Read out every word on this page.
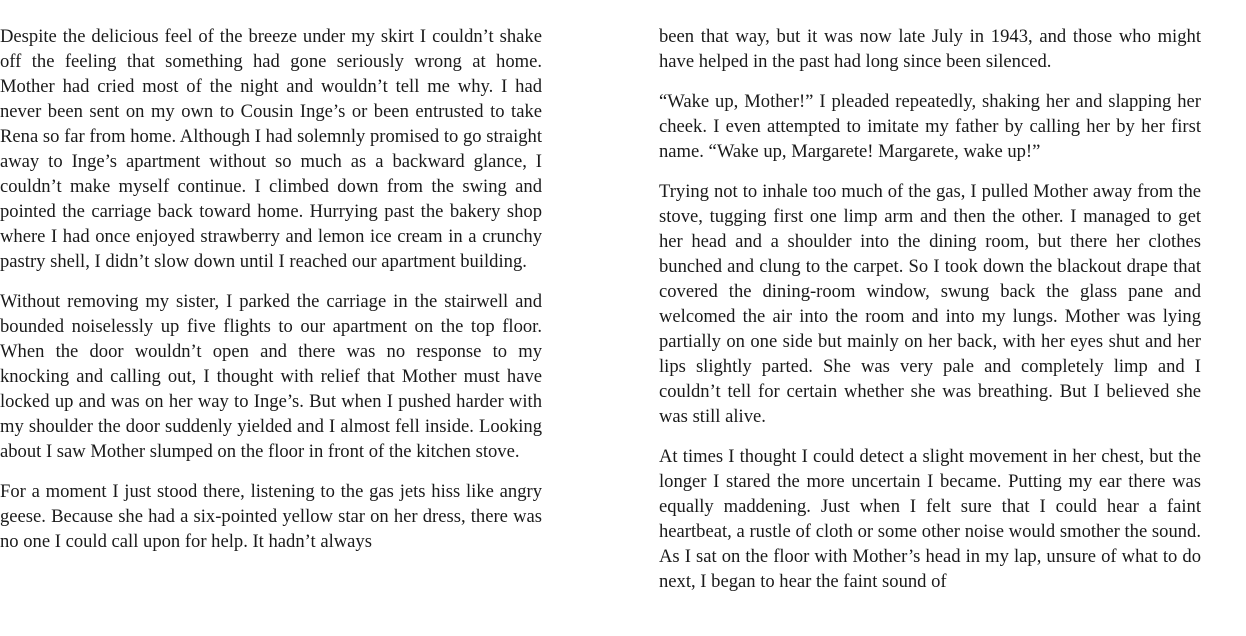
Despite the delicious feel of the breeze under my skirt I couldn’t shake off the feeling that something had gone seriously wrong at home. Mother had cried most of the night and wouldn’t tell me why. I had never been sent on my own to Cousin Inge’s or been entrusted to take Rena so far from home. Although I had solemnly promised to go straight away to Inge’s apartment without so much as a backward glance, I couldn’t make myself continue. I climbed down from the swing and pointed the carriage back toward home. Hurrying past the bakery shop where I had once enjoyed strawberry and lemon ice cream in a crunchy pastry shell, I didn’t slow down until I reached our apartment building.

Without removing my sister, I parked the carriage in the stairwell and bounded noiselessly up five flights to our apartment on the top floor. When the door wouldn’t open and there was no response to my knocking and calling out, I thought with relief that Mother must have locked up and was on her way to Inge’s. But when I pushed harder with my shoulder the door suddenly yielded and I almost fell inside. Looking about I saw Mother slumped on the floor in front of the kitchen stove.

For a moment I just stood there, listening to the gas jets hiss like angry geese. Because she had a six-pointed yellow star on her dress, there was no one I could call upon for help. It hadn’t always

been that way, but it was now late July in 1943, and those who might have helped in the past had long since been silenced.

“Wake up, Mother!” I pleaded repeatedly, shaking her and slapping her cheek. I even attempted to imitate my father by calling her by her first name. “Wake up, Margarete! Margarete, wake up!”

Trying not to inhale too much of the gas, I pulled Mother away from the stove, tugging first one limp arm and then the other. I managed to get her head and a shoulder into the dining room, but there her clothes bunched and clung to the carpet. So I took down the blackout drape that covered the dining-room window, swung back the glass pane and welcomed the air into the room and into my lungs. Mother was lying partially on one side but mainly on her back, with her eyes shut and her lips slightly parted. She was very pale and completely limp and I couldn’t tell for certain whether she was breathing. But I believed she was still alive.

At times I thought I could detect a slight movement in her chest, but the longer I stared the more uncertain I became. Putting my ear there was equally maddening. Just when I felt sure that I could hear a faint heartbeat, a rustle of cloth or some other noise would smother the sound. As I sat on the floor with Mother’s head in my lap, unsure of what to do next, I began to hear the faint sound of
